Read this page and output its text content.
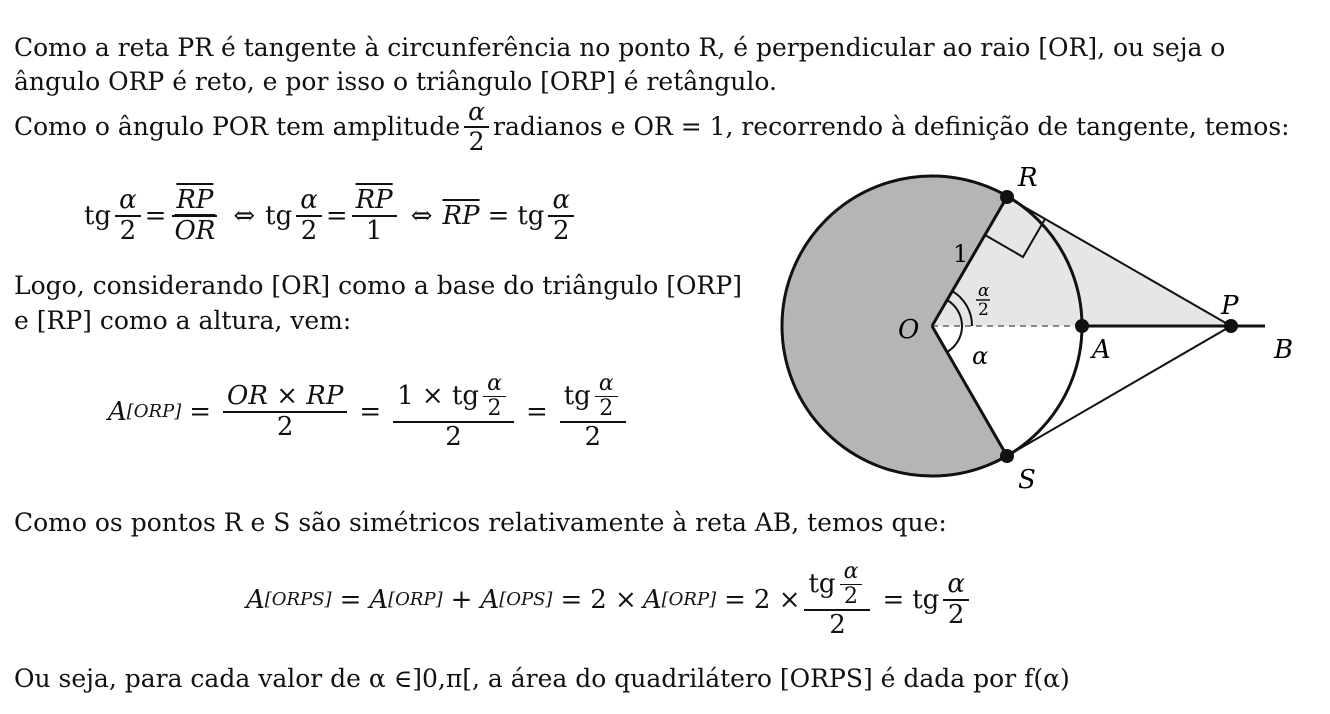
Como a reta PR é tangente à circunferência no ponto R, é perpendicular ao raio [OR], ou seja o
ângulo ORP é reto, e por isso o triângulo [ORP] é retângulo.
Como o ângulo POR tem amplitude $\frac{\alpha}{2}$ radianos e OR = 1, recorrendo à definição de tangente, temos:
tg $\frac{\alpha}{2} = \frac{\overline{RP}}{OR}$ ⇔ tg $\frac{\alpha}{2} = \frac{\overline{RP}}{1}$ ⇔ $\overline{RP}$ = tg $\frac{\alpha}{2}$
Logo, considerando [OR] como a base do triângulo [ORP]
e [RP] como a altura, vem:
A $[ORP] = \frac{OR \times RP}{2} = \frac{1 \times tg \frac{\alpha}{2}}{2} = \frac{tg \frac{\alpha}{2}}{2}$
R
O
P
A	B
S
1
α
α
2
Como os pontos R e S são simétricos relativamente à reta AB, temos que:
A [ORPS] = A [ORP] + A [OPS] = 2 × A $[ORP] = 2 \times \frac{tg \frac{\alpha}{2}}{2}$ = tg $\frac{\alpha}{2}$
Ou seja, para cada valor de α ∈]0,π[, a área do quadrilátero [ORPS] é dada por f(α)
